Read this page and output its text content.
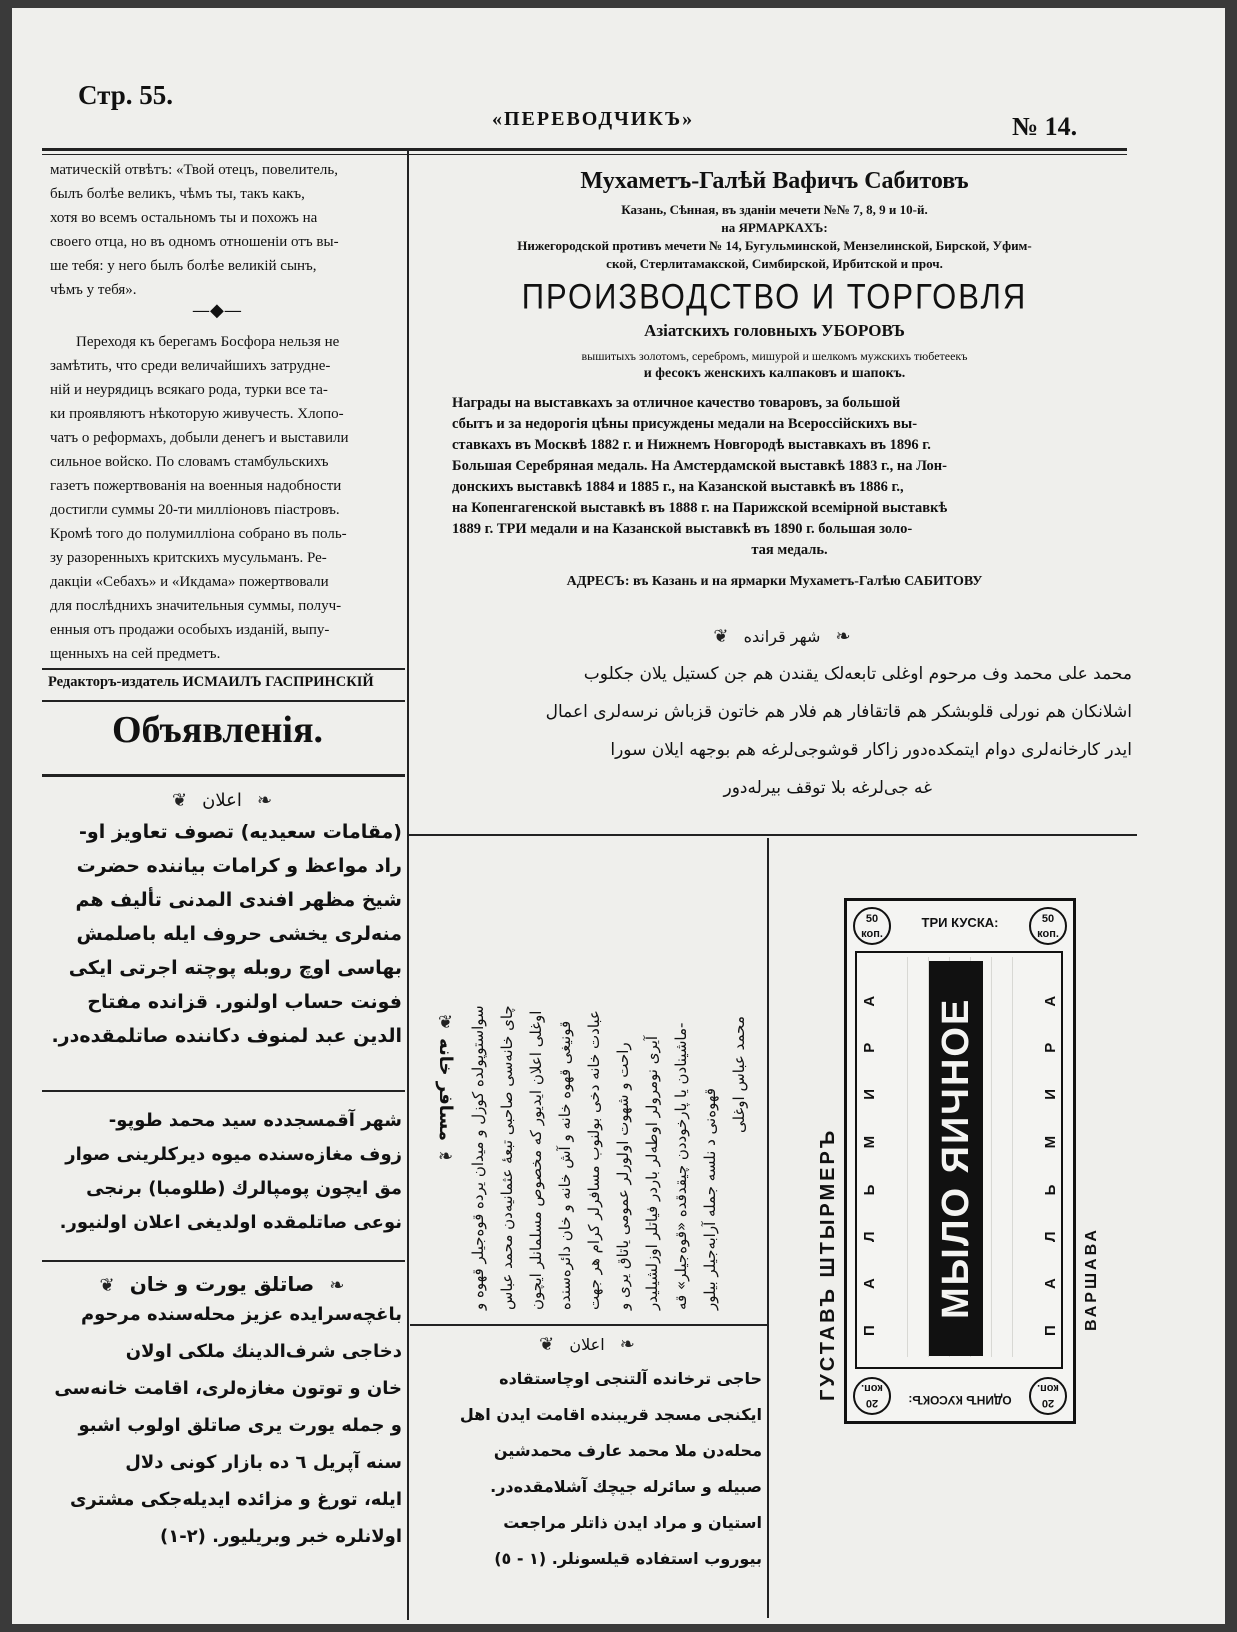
Стр. 55.
«ПЕРЕВОДЧИКЪ»	№ 14.
матическій отвѣтъ: «Твой отецъ, повелитель,
былъ болѣе великъ, чѣмъ ты, такъ какъ,
хотя во всемъ остальномъ ты и похожъ на
своего отца, но въ одномъ отношеніи отъ вы-
ше тебя: у него былъ болѣе великій сынъ,
чѣмъ у тебя».
—◆—
Переходя къ берегамъ Босфора нельзя не
замѣтить, что среди величайшихъ затрудне-
ній и неурядицъ всякаго рода, турки все та-
ки проявляютъ нѣкоторую живучесть. Хлопо-
чатъ о реформахъ, добыли денегъ и выставили
сильное войско. По словамъ стамбульскихъ
газетъ пожертвованія на военныя надобности
достигли суммы 20-ти милліоновъ піастровъ.
Кромѣ того до полумилліона собрано въ поль-
зу разоренныхъ критскихъ мусульманъ. Ре-
дакціи «Себахъ» и «Икдама» пожертвовали
для послѣднихъ значительныя суммы, получ-
енныя отъ продажи особыхъ изданій, выпу-
щенныхъ на сей предметъ.
Редакторъ-издатель ИСМАИЛЪ ГАСПРИНСКІЙ
Объявленія.
Мухаметъ-Галѣй Вафичъ Сабитовъ
Казань, Сѣнная, въ зданіи мечети №№ 7, 8, 9 и 10-й.
на ЯРМАРКАХЪ:
Нижегородской противъ мечети № 14, Бугульминской, Мензелинской, Бирской, Уфим-
ской, Стерлитамакской, Симбирской, Ирбитской и проч.
ПРОИЗВОДСТВО И ТОРГОВЛЯ
Азіатскихъ головныхъ УБОРОВЪ
вышитыхъ золотомъ, серебромъ, мишурой и шелкомъ мужскихъ тюбетеекъ
и фесокъ женскихъ калпаковъ и шапокъ.
Награды на выставкахъ за отличное качество товаровъ, за большой
сбытъ и за недорогія цѣны присуждены медали на Всероссійскихъ вы-
ставкахъ въ Москвѣ 1882 г. и Нижнемъ Новгородѣ выставкахъ въ 1896 г.
Большая Серебряная медаль. На Амстердамской выставкѣ 1883 г., на Лон-
донскихъ выставкѣ 1884 и 1885 г., на Казанской выставкѣ въ 1886 г.,
на Копенгагенской выставкѣ въ 1888 г. на Парижской всемірной выставкѣ
1889 г. ТРИ медали и на Казанской выставкѣ въ 1890 г. большая золо-
тая медаль.
АДРЕСЪ: въ Казань и на ярмарки Мухаметъ-Галѣю САБИТОВУ
❦ شهر قرانده ❧
محمد علی محمد وف مرحوم اوغلی تابعه‌لک یقندن هم جن کستیل یلان جکلوب
اشلانکان هم نورلی قلوبشکر هم قاتقافار هم فلار هم خاتون قزباش نرسه‌لری اعمال
ایدر کارخانه‌لری دوام ایتمکده‌دور زاکار قوشوجی‌لرغه هم بوجهه ایلان سورا
غه جی‌لرغه بلا توقف بیرله‌دور
❦ اعلان ❧
(مقامات سعیدیه) تصوف تعاویز او-
راد مواعظ و کرامات بیاننده حضرت
شیخ مظهر افندی المدنی تألیف هم
منه‌لری یخشی حروف ایله باصلمش
بهاسی اوچ روبله پوچته اجرتی ایکی
فونت حساب اولنور. قزانده مفتاح
الدین عبد لمنوف دکاننده صاتلمقده‌در.
شهر آقمسجدده سید محمد طوپو-
زوف مغازه‌سنده میوه دیرکلرینی صوار
مق ایچون پومپالرك (طلومبا) برنجی
نوعی صاتلمقده اولدیغی اعلان اولنیور.
❦ صاتلق یورت و خان ❧
باغچه‌سرایده عزیز محله‌سنده مرحوم
دخاجی شرف‌الدینك ملکی اولان
خان و توتون مغازه‌لری، اقامت خانه‌سی
و جمله یورت یری صاتلق اولوب اشبو
سنه آپریل ٦ ده بازار کونی دلال
ایله، تورغ و مزائده ایدیله‌جکی مشتری
اولانلره خبر وبریلیور. (٢-١)
❦ مسافر خانه ❧ سواستوپولده کوزل و میدان یرده قوه‌جیلر قهوه و چای خانه‌سی صاحبی تبعهٔ عثمانیه‌دن محمد عباس اوغلی اعلان ایدیور که مخصوص مسلمانلر ایچون قونیغی قهوه خانه و آش خانه و خان دائره‌سنده عبادت خانه دخی بولنوب مسافرلر کرام هر جهت راحت و شهوت اولورلر عمومی یاتاق یری و آیری نومرولر اوطه‌لر باردر فیاتلر اوزلشیلیدر ماشینادن یا پارخوددن چیقدقده «قوه‌جیلر» قه-
قهوه‌نی د نلسه جمله آرابه‌جیلر بیلور
محمد عباس اوغلی
❦ اعلان ❧
حاجی ترخانده آلتنجی اوچاستقاده
ایکنجی مسجد قریبنده اقامت ایدن اهل
محله‌دن ملا محمد عارف محمدشین
صبیله و سائرله جیچك آشلامقده‌در.
استیان و مراد ایدن ذاتلر مراجعت
بیوروب استفاده قیلسونلر. (١ - ٥)
50 коп.
50 коп.
ТРИ КУСКА:
П А Л Ь М И Р А	П А Л Ь М И Р А
МЫЛО ЯИЧНОЕ
ГУСТАВЪ ШТЫРМЕРЪ	ВАРШАВА
20 коп.
20 коп.
ОДИНЪ КУСОКЪ:
